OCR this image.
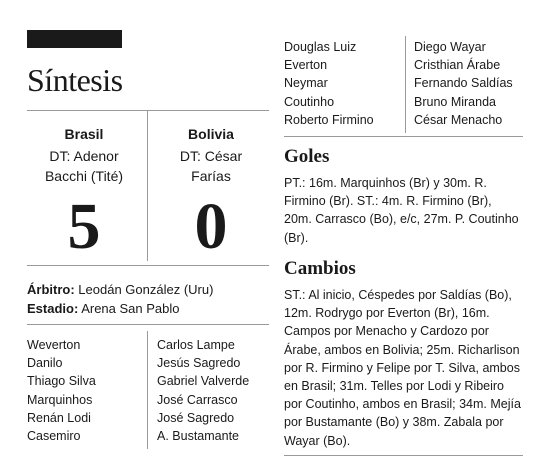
Síntesis
Brasil
DT: Adenor
Bacchi (Tité)
5
Bolivia
DT: César
Farías
0
Árbitro: Leodán González (Uru)
Estadio: Arena San Pablo
Weverton
Danilo
Thiago Silva
Marquinhos
Renán Lodi
Casemiro
Carlos Lampe
Jesús Sagredo
Gabriel Valverde
José Carrasco
José Sagredo
A. Bustamante
Douglas Luiz
Everton
Neymar
Coutinho
Roberto Firmino
Diego Wayar
Cristhian Árabe
Fernando Saldías
Bruno Miranda
César Menacho
Goles
PT.: 16m. Marquinhos (Br) y 30m. R. Firmino (Br). ST.: 4m. R. Firmino (Br), 20m. Carrasco (Bo), e/c, 27m. P. Coutinho (Br).
Cambios
ST.: Al inicio, Céspedes por Saldías (Bo), 12m. Rodrygo por Everton (Br), 16m. Campos por Menacho y Cardozo por Árabe, ambos en Bolivia; 25m. Richarlison por R. Firmino y Felipe por T. Silva, ambos en Brasil; 31m. Telles por Lodi y Ribeiro por Coutinho, ambos en Brasil; 34m. Mejía por Bustamante (Bo) y 38m. Zabala por Wayar (Bo).
